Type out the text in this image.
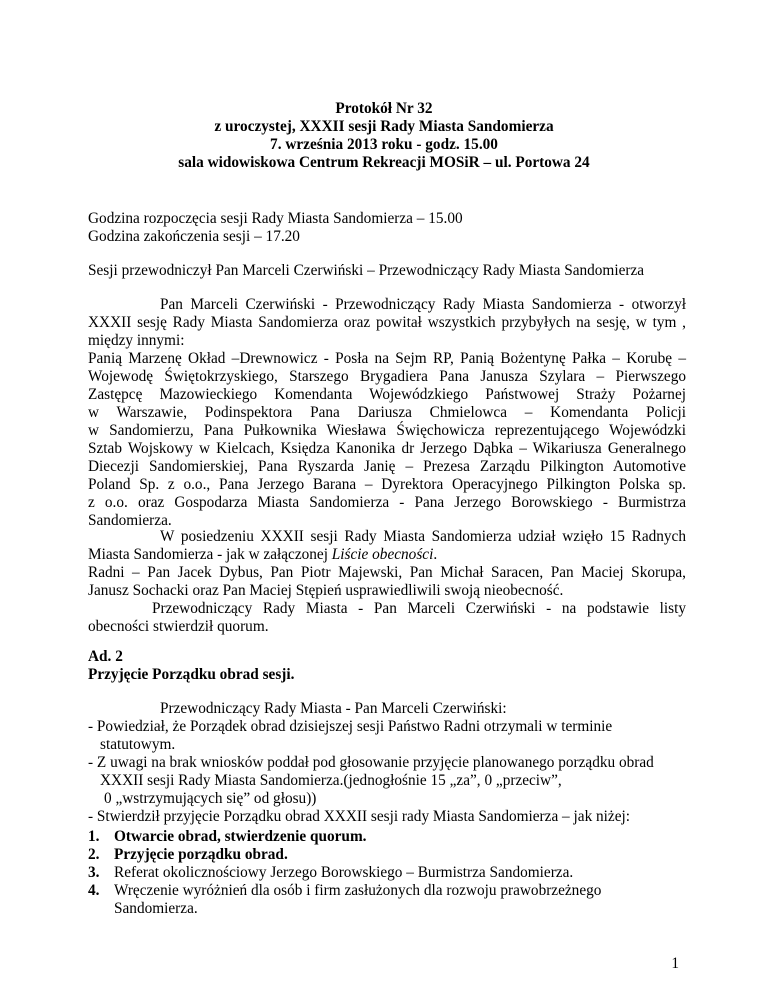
Protokół Nr 32
z uroczystej, XXXII sesji Rady Miasta Sandomierza
7. września 2013 roku - godz. 15.00
sala widowiskowa Centrum Rekreacji MOSiR – ul. Portowa 24
Godzina rozpoczęcia sesji Rady Miasta Sandomierza – 15.00
Godzina zakończenia sesji – 17.20
Sesji przewodniczył Pan Marceli Czerwiński – Przewodniczący Rady Miasta Sandomierza
Pan Marceli Czerwiński - Przewodniczący Rady Miasta Sandomierza - otworzył
XXXII sesję Rady Miasta Sandomierza oraz powitał wszystkich przybyłych na sesję, w tym ,
między innymi:
Panią Marzenę Okład –Drewnowicz - Posła na Sejm RP, Panią Bożentynę Pałka – Korubę –
Wojewodę Świętokrzyskiego, Starszego Brygadiera Pana Janusza Szylara – Pierwszego
Zastępcę Mazowieckiego Komendanta Wojewódzkiego Państwowej Straży Pożarnej
w Warszawie, Podinspektora Pana Dariusza Chmielowca – Komendanta Policji
w Sandomierzu, Pana Pułkownika Wiesława Święchowicza reprezentującego Wojewódzki
Sztab Wojskowy w Kielcach, Księdza Kanonika dr Jerzego Dąbka – Wikariusza Generalnego
Diecezji Sandomierskiej, Pana Ryszarda Janię – Prezesa Zarządu Pilkington Automotive
Poland Sp. z o.o., Pana Jerzego Barana – Dyrektora Operacyjnego Pilkington Polska sp.
z o.o. oraz Gospodarza Miasta Sandomierza - Pana Jerzego Borowskiego - Burmistrza
Sandomierza.
W posiedzeniu XXXII sesji Rady Miasta Sandomierza udział wzięło 15 Radnych
Miasta Sandomierza - jak w załączonej Liście obecności.
Radni – Pan Jacek Dybus, Pan Piotr Majewski, Pan Michał Saracen, Pan Maciej Skorupa,
Janusz Sochacki oraz Pan Maciej Stępień usprawiedliwili swoją nieobecność.
Przewodniczący Rady Miasta - Pan Marceli Czerwiński - na podstawie listy
obecności stwierdził quorum.
Ad. 2
Przyjęcie Porządku obrad sesji.
Przewodniczący Rady Miasta - Pan Marceli Czerwiński:
- Powiedział, że Porządek obrad dzisiejszej sesji Państwo Radni otrzymali w terminie
statutowym.
- Z uwagi na brak wniosków poddał pod głosowanie przyjęcie planowanego porządku obrad
XXXII sesji Rady Miasta Sandomierza.(jednogłośnie 15 „za”, 0 „przeciw”,
0 „wstrzymujących się” od głosu))
- Stwierdził przyjęcie Porządku obrad XXXII sesji rady Miasta Sandomierza – jak niżej:
1. Otwarcie obrad, stwierdzenie quorum.
2. Przyjęcie porządku obrad.
3. Referat okolicznościowy Jerzego Borowskiego – Burmistrza Sandomierza.
4. Wręczenie wyróżnień dla osób i firm zasłużonych dla rozwoju prawobrzeżnego
Sandomierza.
1
